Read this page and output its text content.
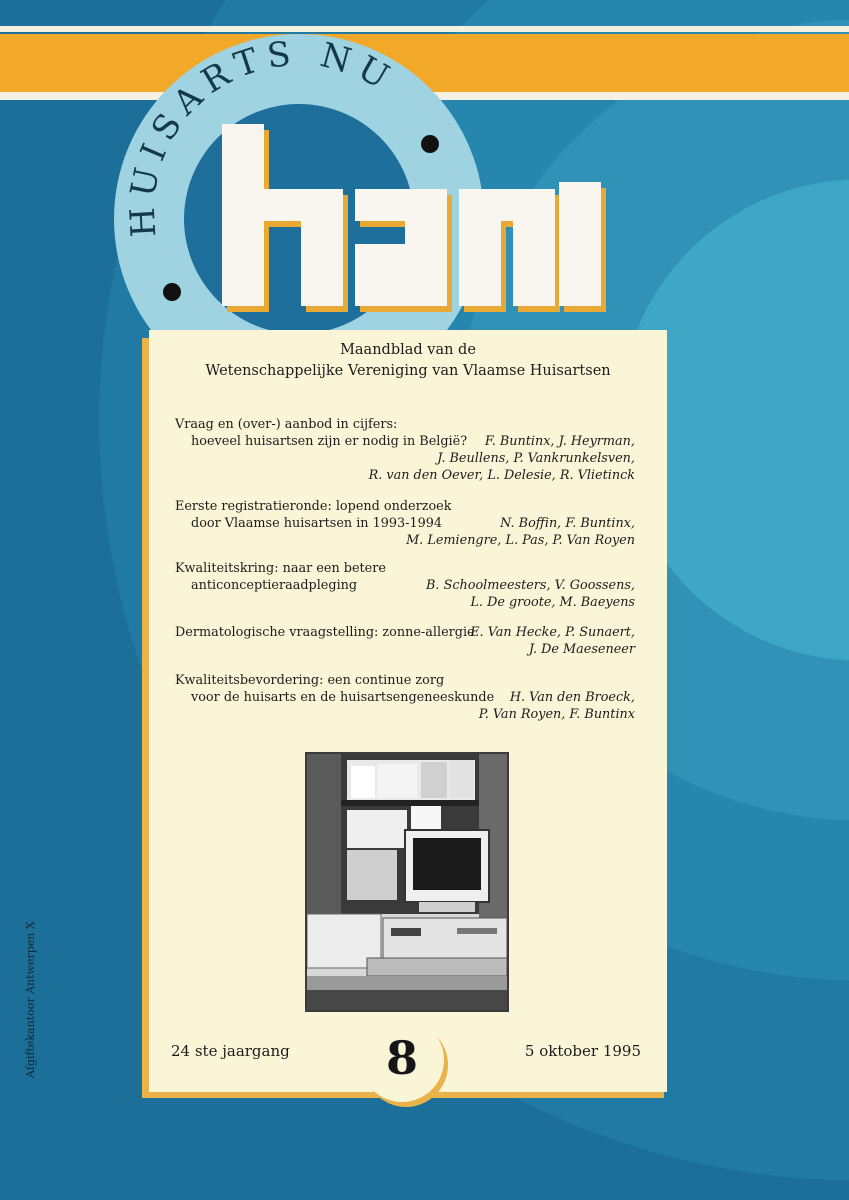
HUISARTS NU
Maandblad van de
Wetenschappelijke Vereniging van Vlaamse Huisartsen
Vraag en (over-) aanbod in cijfers:
hoeveel huisartsen zijn er nodig in België?	F. Buntinx, J. Heyrman,
J. Beullens, P. Vankrunkelsven,
R. van den Oever, L. Delesie, R. Vlietinck
Eerste registratieronde: lopend onderzoek
door Vlaamse huisartsen in 1993-1994	N. Boffin, F. Buntinx,
M. Lemiengre, L. Pas, P. Van Royen
Kwaliteitskring: naar een betere
anticonceptieraadpleging	B. Schoolmeesters, V. Goossens,
L. De groote, M. Baeyens
Dermatologische vraagstelling: zonne-allergie
E. Van Hecke, P. Sunaert,
J. De Maeseneer
Kwaliteitsbevordering: een continue zorg
voor de huisarts en de huisartsengeneeskunde	H. Van den Broeck,
P. Van Royen, F. Buntinx
24 ste jaargang	5 oktober 1995
8
Afgiftekantoor Antwerpen X
